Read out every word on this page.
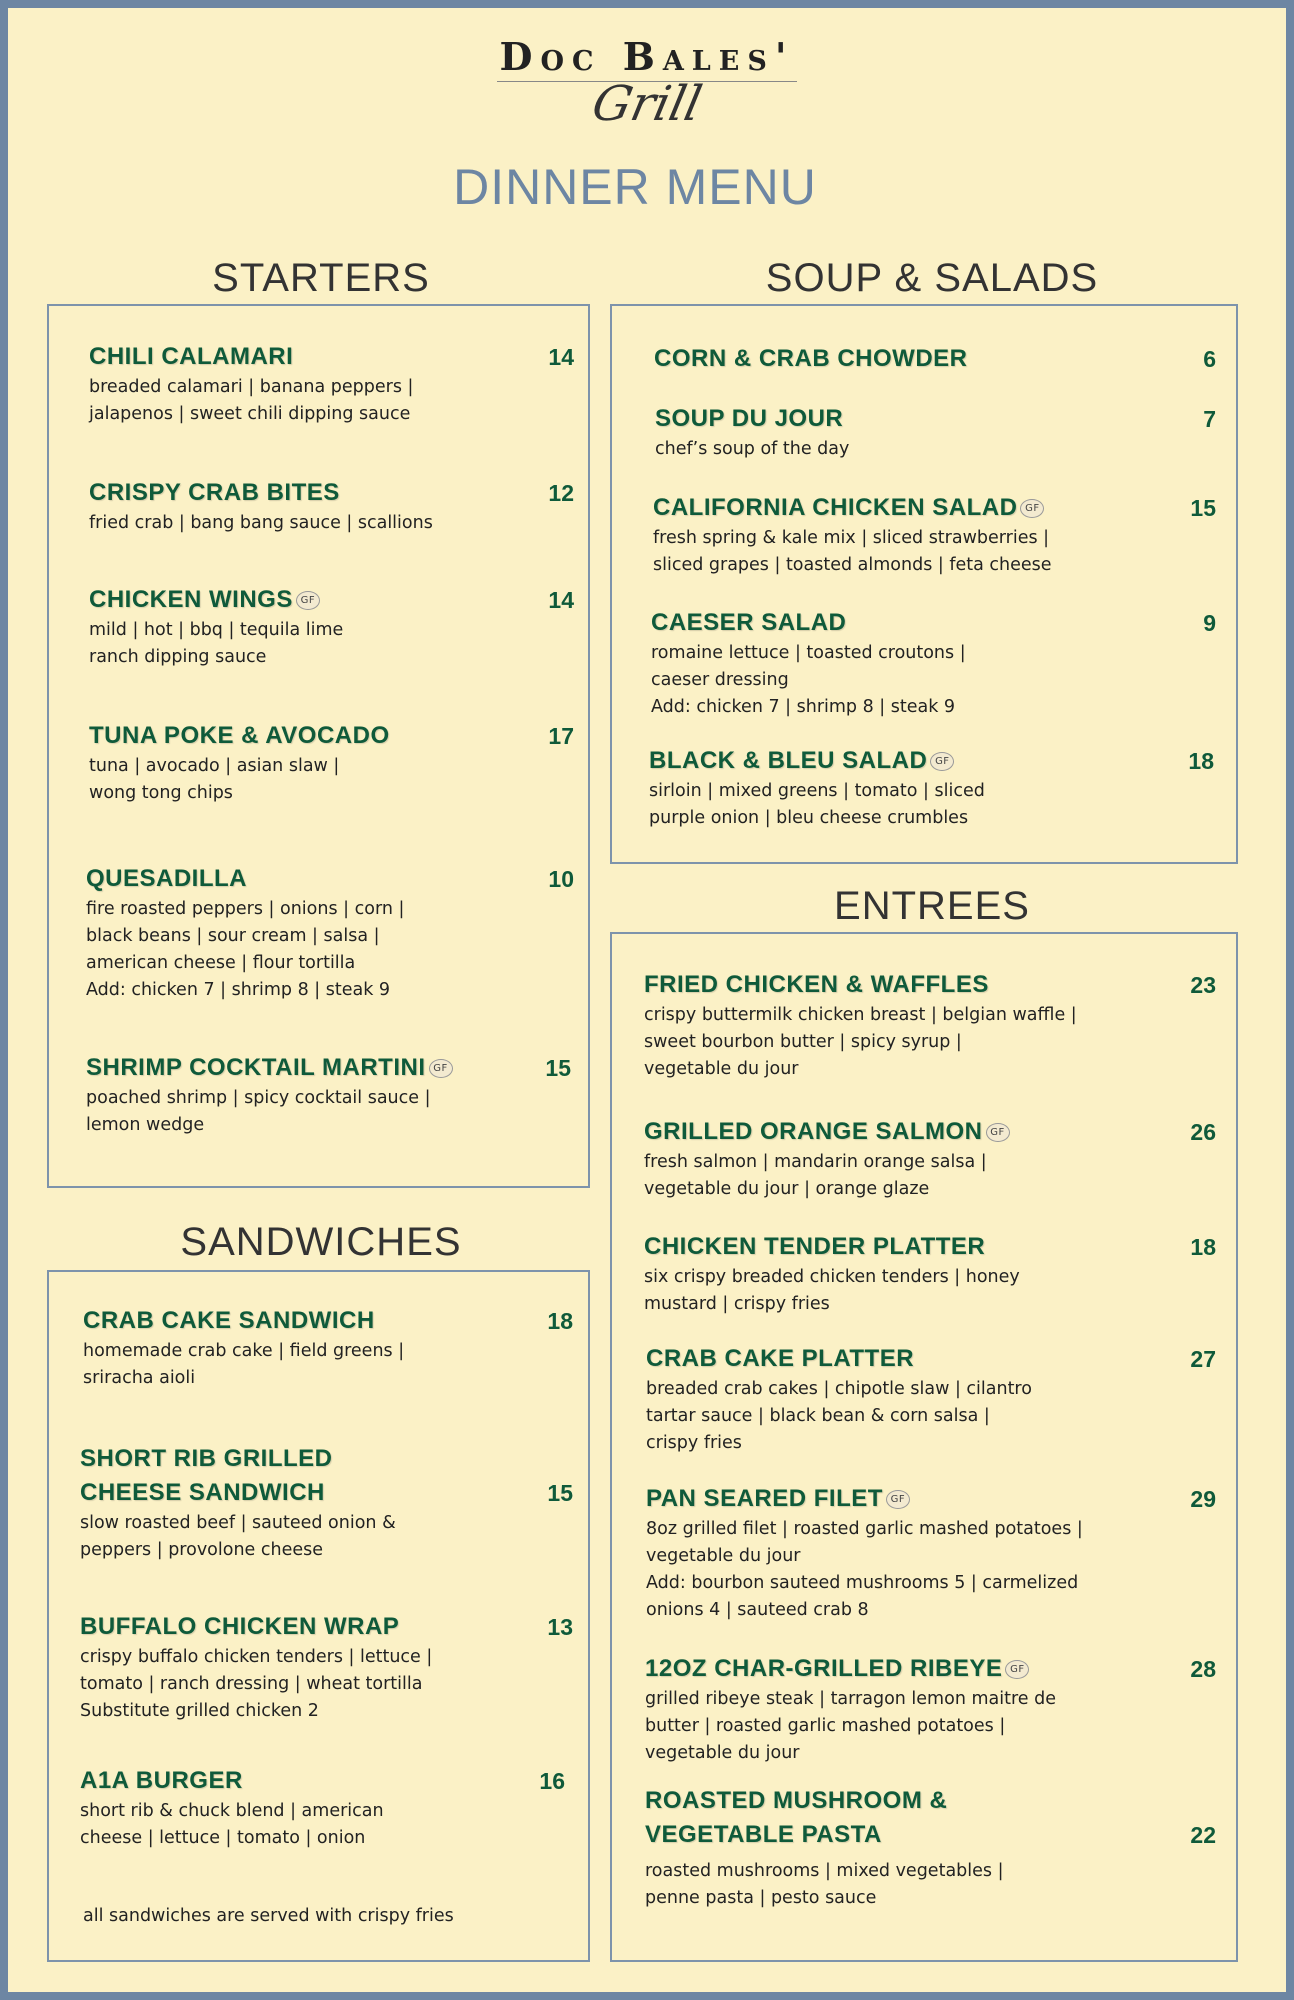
Doc Bales'
Grill
DINNER MENU
STARTERS
CHILI CALAMARI	14
breaded calamari | banana peppers |
jalapenos | sweet chili dipping sauce
CRISPY CRAB BITES	12
fried crab | bang bang sauce | scallions
CHICKEN WINGS GF	14
mild | hot | bbq | tequila lime
ranch dipping sauce
TUNA POKE & AVOCADO	17
tuna | avocado | asian slaw |
wong tong chips
QUESADILLA	10
fire roasted peppers | onions | corn |
black beans | sour cream | salsa |
american cheese | flour tortilla
Add: chicken 7 | shrimp 8 | steak 9
SHRIMP COCKTAIL MARTINI GF	15
poached shrimp | spicy cocktail sauce |
lemon wedge
SANDWICHES
CRAB CAKE SANDWICH	18
homemade crab cake | field greens |
sriracha aioli
SHORT RIB GRILLED
CHEESE SANDWICH	15
slow roasted beef | sauteed onion &
peppers | provolone cheese
BUFFALO CHICKEN WRAP	13
crispy buffalo chicken tenders | lettuce |
tomato | ranch dressing | wheat tortilla
Substitute grilled chicken 2
A1A BURGER	16
short rib & chuck blend | american
cheese | lettuce | tomato | onion
all sandwiches are served with crispy fries
SOUP & SALADS
CORN & CRAB CHOWDER	6
SOUP DU JOUR	7
chef’s soup of the day
CALIFORNIA CHICKEN SALAD GF	15
fresh spring & kale mix | sliced strawberries |
sliced grapes | toasted almonds | feta cheese
CAESER SALAD	9
romaine lettuce | toasted croutons |
caeser dressing
Add: chicken 7 | shrimp 8 | steak 9
BLACK & BLEU SALAD GF	18
sirloin | mixed greens | tomato | sliced
purple onion | bleu cheese crumbles
ENTREES
FRIED CHICKEN & WAFFLES	23
crispy buttermilk chicken breast | belgian waffle |
sweet bourbon butter | spicy syrup |
vegetable du jour
GRILLED ORANGE SALMON GF	26
fresh salmon | mandarin orange salsa |
vegetable du jour | orange glaze
CHICKEN TENDER PLATTER	18
six crispy breaded chicken tenders | honey
mustard | crispy fries
CRAB CAKE PLATTER	27
breaded crab cakes | chipotle slaw | cilantro
tartar sauce | black bean & corn salsa |
crispy fries
PAN SEARED FILET GF	29
8oz grilled filet | roasted garlic mashed potatoes |
vegetable du jour
Add: bourbon sauteed mushrooms 5 | carmelized
onions 4 | sauteed crab 8
12OZ CHAR-GRILLED RIBEYE GF	28
grilled ribeye steak | tarragon lemon maitre de
butter | roasted garlic mashed potatoes |
vegetable du jour
ROASTED MUSHROOM &
VEGETABLE PASTA	22
roasted mushrooms | mixed vegetables |
penne pasta | pesto sauce
